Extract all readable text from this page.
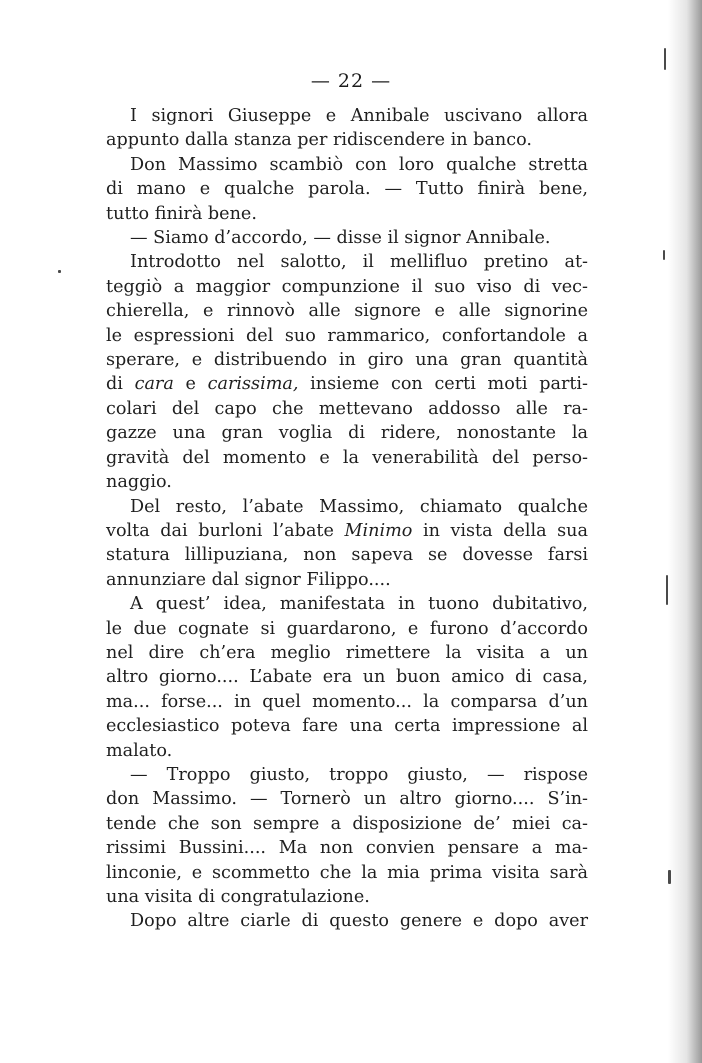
— 22 —
I signori Giuseppe e Annibale uscivano allora
appunto dalla stanza per ridiscendere in banco.
Don Massimo scambiò con loro qualche stretta
di mano e qualche parola. — Tutto finirà bene,
tutto finirà bene.
— Siamo d’accordo, — disse il signor Annibale.
Introdotto nel salotto, il mellifluo pretino at-
teggiò a maggior compunzione il suo viso di vec-
chierella, e rinnovò alle signore e alle signorine
le espressioni del suo rammarico, confortandole a
sperare, e distribuendo in giro una gran quantità
di cara e carissima, insieme con certi moti parti-
colari del capo che mettevano addosso alle ra-
gazze una gran voglia di ridere, nonostante la
gravità del momento e la venerabilità del perso-
naggio.
Del resto, l’abate Massimo, chiamato qualche
volta dai burloni l’abate Minimo in vista della sua
statura lillipuziana, non sapeva se dovesse farsi
annunziare dal signor Filippo....
A quest’ idea, manifestata in tuono dubitativo,
le due cognate si guardarono, e furono d’accordo
nel dire ch’era meglio rimettere la visita a un
altro giorno.... L’abate era un buon amico di casa,
ma... forse... in quel momento... la comparsa d’un
ecclesiastico poteva fare una certa impressione al
malato.
— Troppo giusto, troppo giusto, — rispose
don Massimo. — Tornerò un altro giorno.... S’in-
tende che son sempre a disposizione de’ miei ca-
rissimi Bussini.... Ma non convien pensare a ma-
linconie, e scommetto che la mia prima visita sarà
una visita di congratulazione.
Dopo altre ciarle di questo genere e dopo aver
